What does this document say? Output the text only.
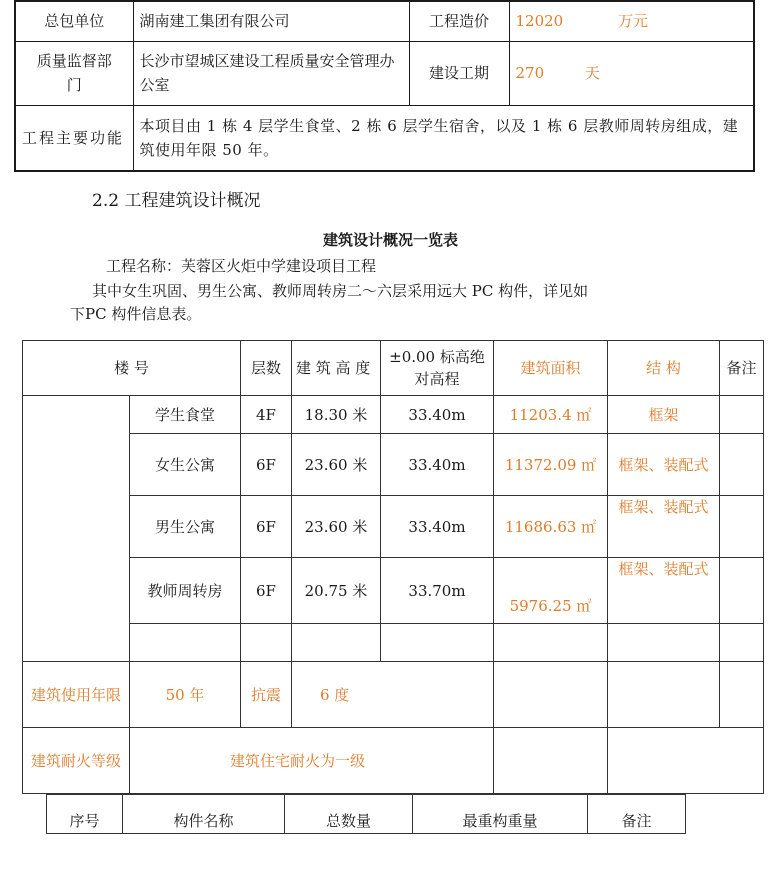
总包单位	湖南建工集团有限公司	工程造价	12020 万元
质量监督部门	长沙市望城区建设工程质量安全管理办公室	建设工期	270 天
工程主要功能	本项目由 1 栋 4 层学生食堂、2 栋 6 层学生宿舍，以及 1 栋 6 层教师周转房组成，建筑使用年限 50 年。		
2.2 工程建筑设计概况
建筑设计概况一览表
工程名称：芙蓉区火炬中学建设项目工程
其中女生巩固、男生公寓、教师周转房二～六层采用远大 PC 构件，详见如
下PC 构件信息表。
楼 号		层数	建 筑 高 度	±0.00 标高绝对高程	建筑面积	结 构	备注
	学生食堂	4F	18.30 米	33.40m	11203.4 ㎡	框架	
	女生公寓	6F	23.60 米	33.40m	11372.09 ㎡	框架、装配式	
	男生公寓	6F	23.60 米	33.40m	11686.63 ㎡	框架、装配式	
	教师周转房	6F	20.75 米	33.70m	5976.25 ㎡	框架、装配式	

建筑使用年限	50 年	抗震	6 度				
建筑耐火等级	建筑住宅耐火为一级						
序号	构件名称	总数量	最重构重量	备注
